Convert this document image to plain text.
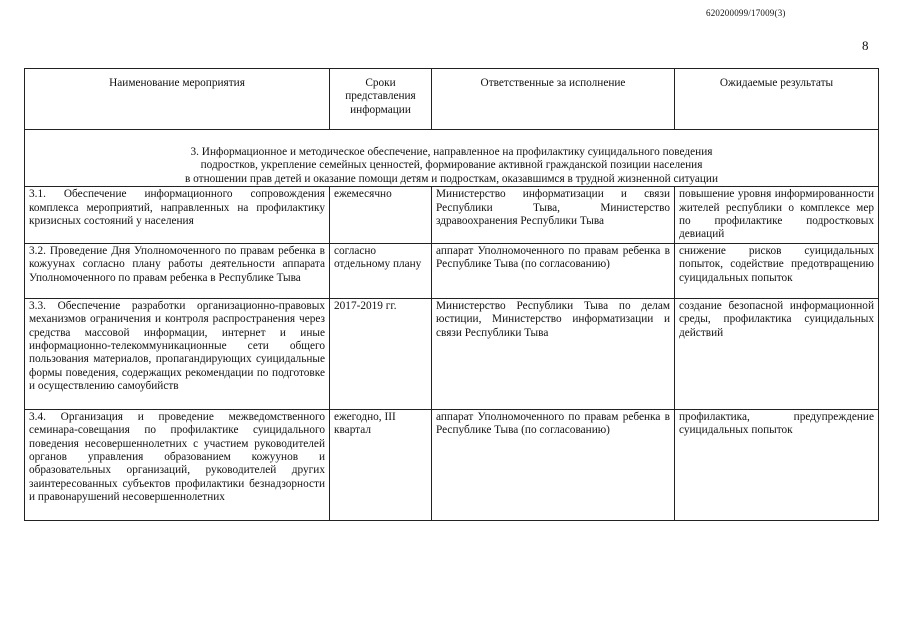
620200099/17009(3)
8
Наименование мероприятия	Сроки представления информации	Ответственные за исполнение	Ожидаемые результаты

3. Информационное и методическое обеспечение, направленное на профилактику суицидального поведения
подростков, укрепление семейных ценностей, формирование активной гражданской позиции населения
в отношении прав детей и оказание помощи детям и подросткам, оказавшимся в трудной жизненной ситуации			

3.1. Обеспечение информационного сопровождения комплекса мероприятий, направленных на профилактику кризисных состояний у населения	ежемесячно	Министерство информатизации и связи Республики Тыва, Министерство здравоохранения Республики Тыва	повышение уровня информированности жителей республики о комплексе мер по профилактике подростковых девиаций
3.2. Проведение Дня Уполномоченного по правам ребенка в кожуунах согласно плану работы деятельности аппарата Уполномоченного по правам ребенка в Республике Тыва	согласно отдельному плану	аппарат Уполномоченного по правам ребенка в Республике Тыва (по согласованию)	снижение рисков суицидальных попыток, содействие предотвращению суицидальных попыток
3.3. Обеспечение разработки организационно-правовых механизмов ограничения и контроля распространения через средства массовой информации, интернет и иные информационно-телекоммуникационные сети общего пользования материалов, пропагандирующих суицидальные формы поведения, содержащих рекомендации по подготовке и осуществлению самоубийств	2017-2019 гг.	Министерство Республики Тыва по делам юстиции, Министерство информатизации и связи Республики Тыва	создание безопасной информационной среды, профилактика суицидальных действий
3.4. Организация и проведение межведомственного семинара-совещания по профилактике суицидального поведения несовершеннолетних с участием руководителей органов управления образованием кожуунов и образовательных организаций, руководителей других заинтересованных субъектов профилактики безнадзорности и правонарушений несовершеннолетних	ежегодно, III квартал	аппарат Уполномоченного по правам ребенка в Республике Тыва (по согласованию)	профилактика, предупреждение суицидальных попыток
